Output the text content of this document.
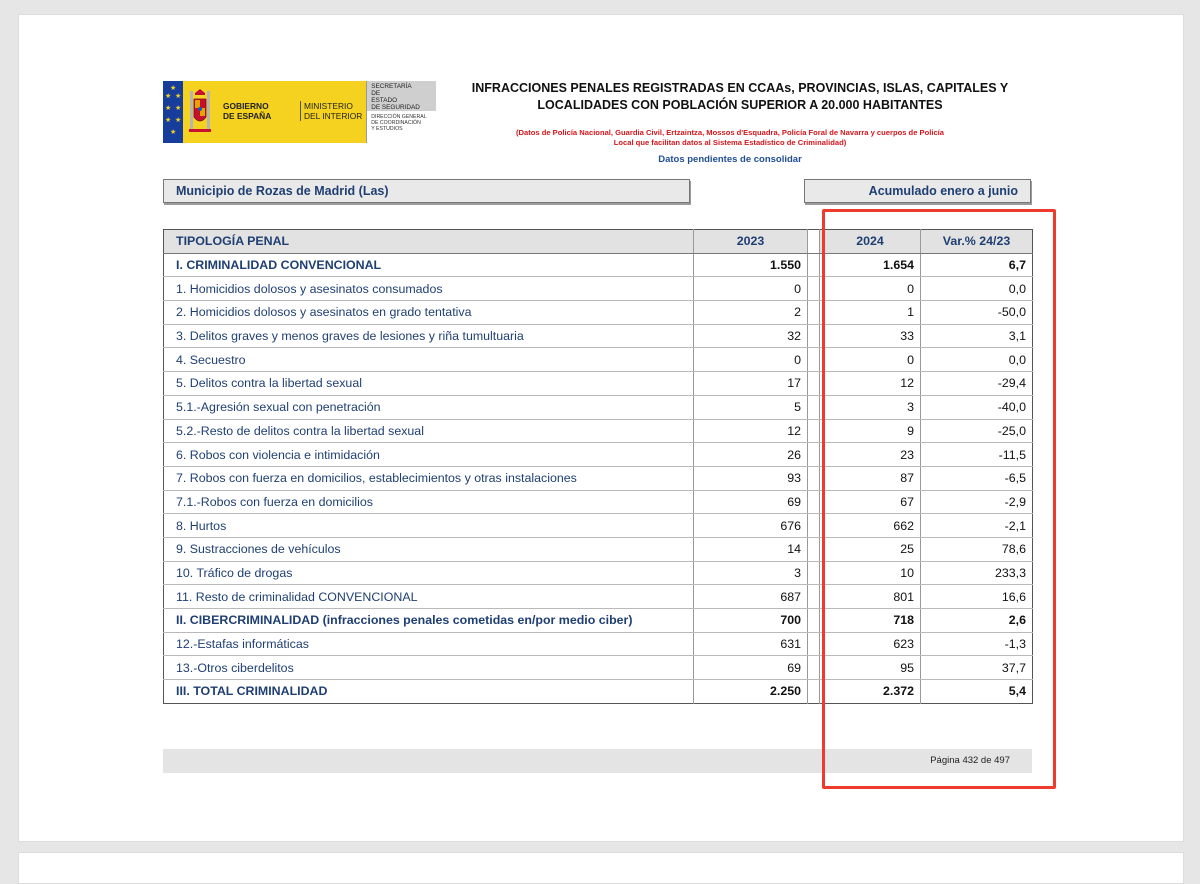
★
★ ★
★ ★
★ ★
★
GOBIERNO
DE ESPAÑA
MINISTERIO
DEL INTERIOR
SECRETARÍA
DE
ESTADO
DE SEGURIDAD
DIRECCIÓN GENERAL
DE COORDINACIÓN
Y ESTUDIOS
INFRACCIONES PENALES REGISTRADAS EN CCAAs, PROVINCIAS, ISLAS, CAPITALES Y
LOCALIDADES CON POBLACIÓN SUPERIOR A 20.000 HABITANTES
(Datos de Policía Nacional, Guardia Civil, Ertzaintza, Mossos d'Esquadra, Policía Foral de Navarra y cuerpos de Policía
Local que facilitan datos al Sistema Estadístico de Criminalidad)
Datos pendientes de consolidar
Municipio de Rozas de Madrid (Las)	Acumulado enero a junio
TIPOLOGÍA PENAL	2023		2024	Var.% 24/23
I. CRIMINALIDAD CONVENCIONAL	1.550		1.654	6,7
1. Homicidios dolosos y asesinatos consumados	0		0	0,0
2. Homicidios dolosos y asesinatos en grado tentativa	2		1	-50,0
3. Delitos graves y menos graves de lesiones y riña tumultuaria	32		33	3,1
4. Secuestro	0		0	0,0
5. Delitos contra la libertad sexual	17		12	-29,4
5.1.-Agresión sexual con penetración	5		3	-40,0
5.2.-Resto de delitos contra la libertad sexual	12		9	-25,0
6. Robos con violencia e intimidación	26		23	-11,5
7. Robos con fuerza en domicilios, establecimientos y otras instalaciones	93		87	-6,5
7.1.-Robos con fuerza en domicilios	69		67	-2,9
8. Hurtos	676		662	-2,1
9. Sustracciones de vehículos	14		25	78,6
10. Tráfico de drogas	3		10	233,3
11. Resto de criminalidad CONVENCIONAL	687		801	16,6
II. CIBERCRIMINALIDAD (infracciones penales cometidas en/por medio ciber)	700		718	2,6
12.-Estafas informáticas	631		623	-1,3
13.-Otros ciberdelitos	69		95	37,7
III. TOTAL CRIMINALIDAD	2.250		2.372	5,4
Página 432 de 497
